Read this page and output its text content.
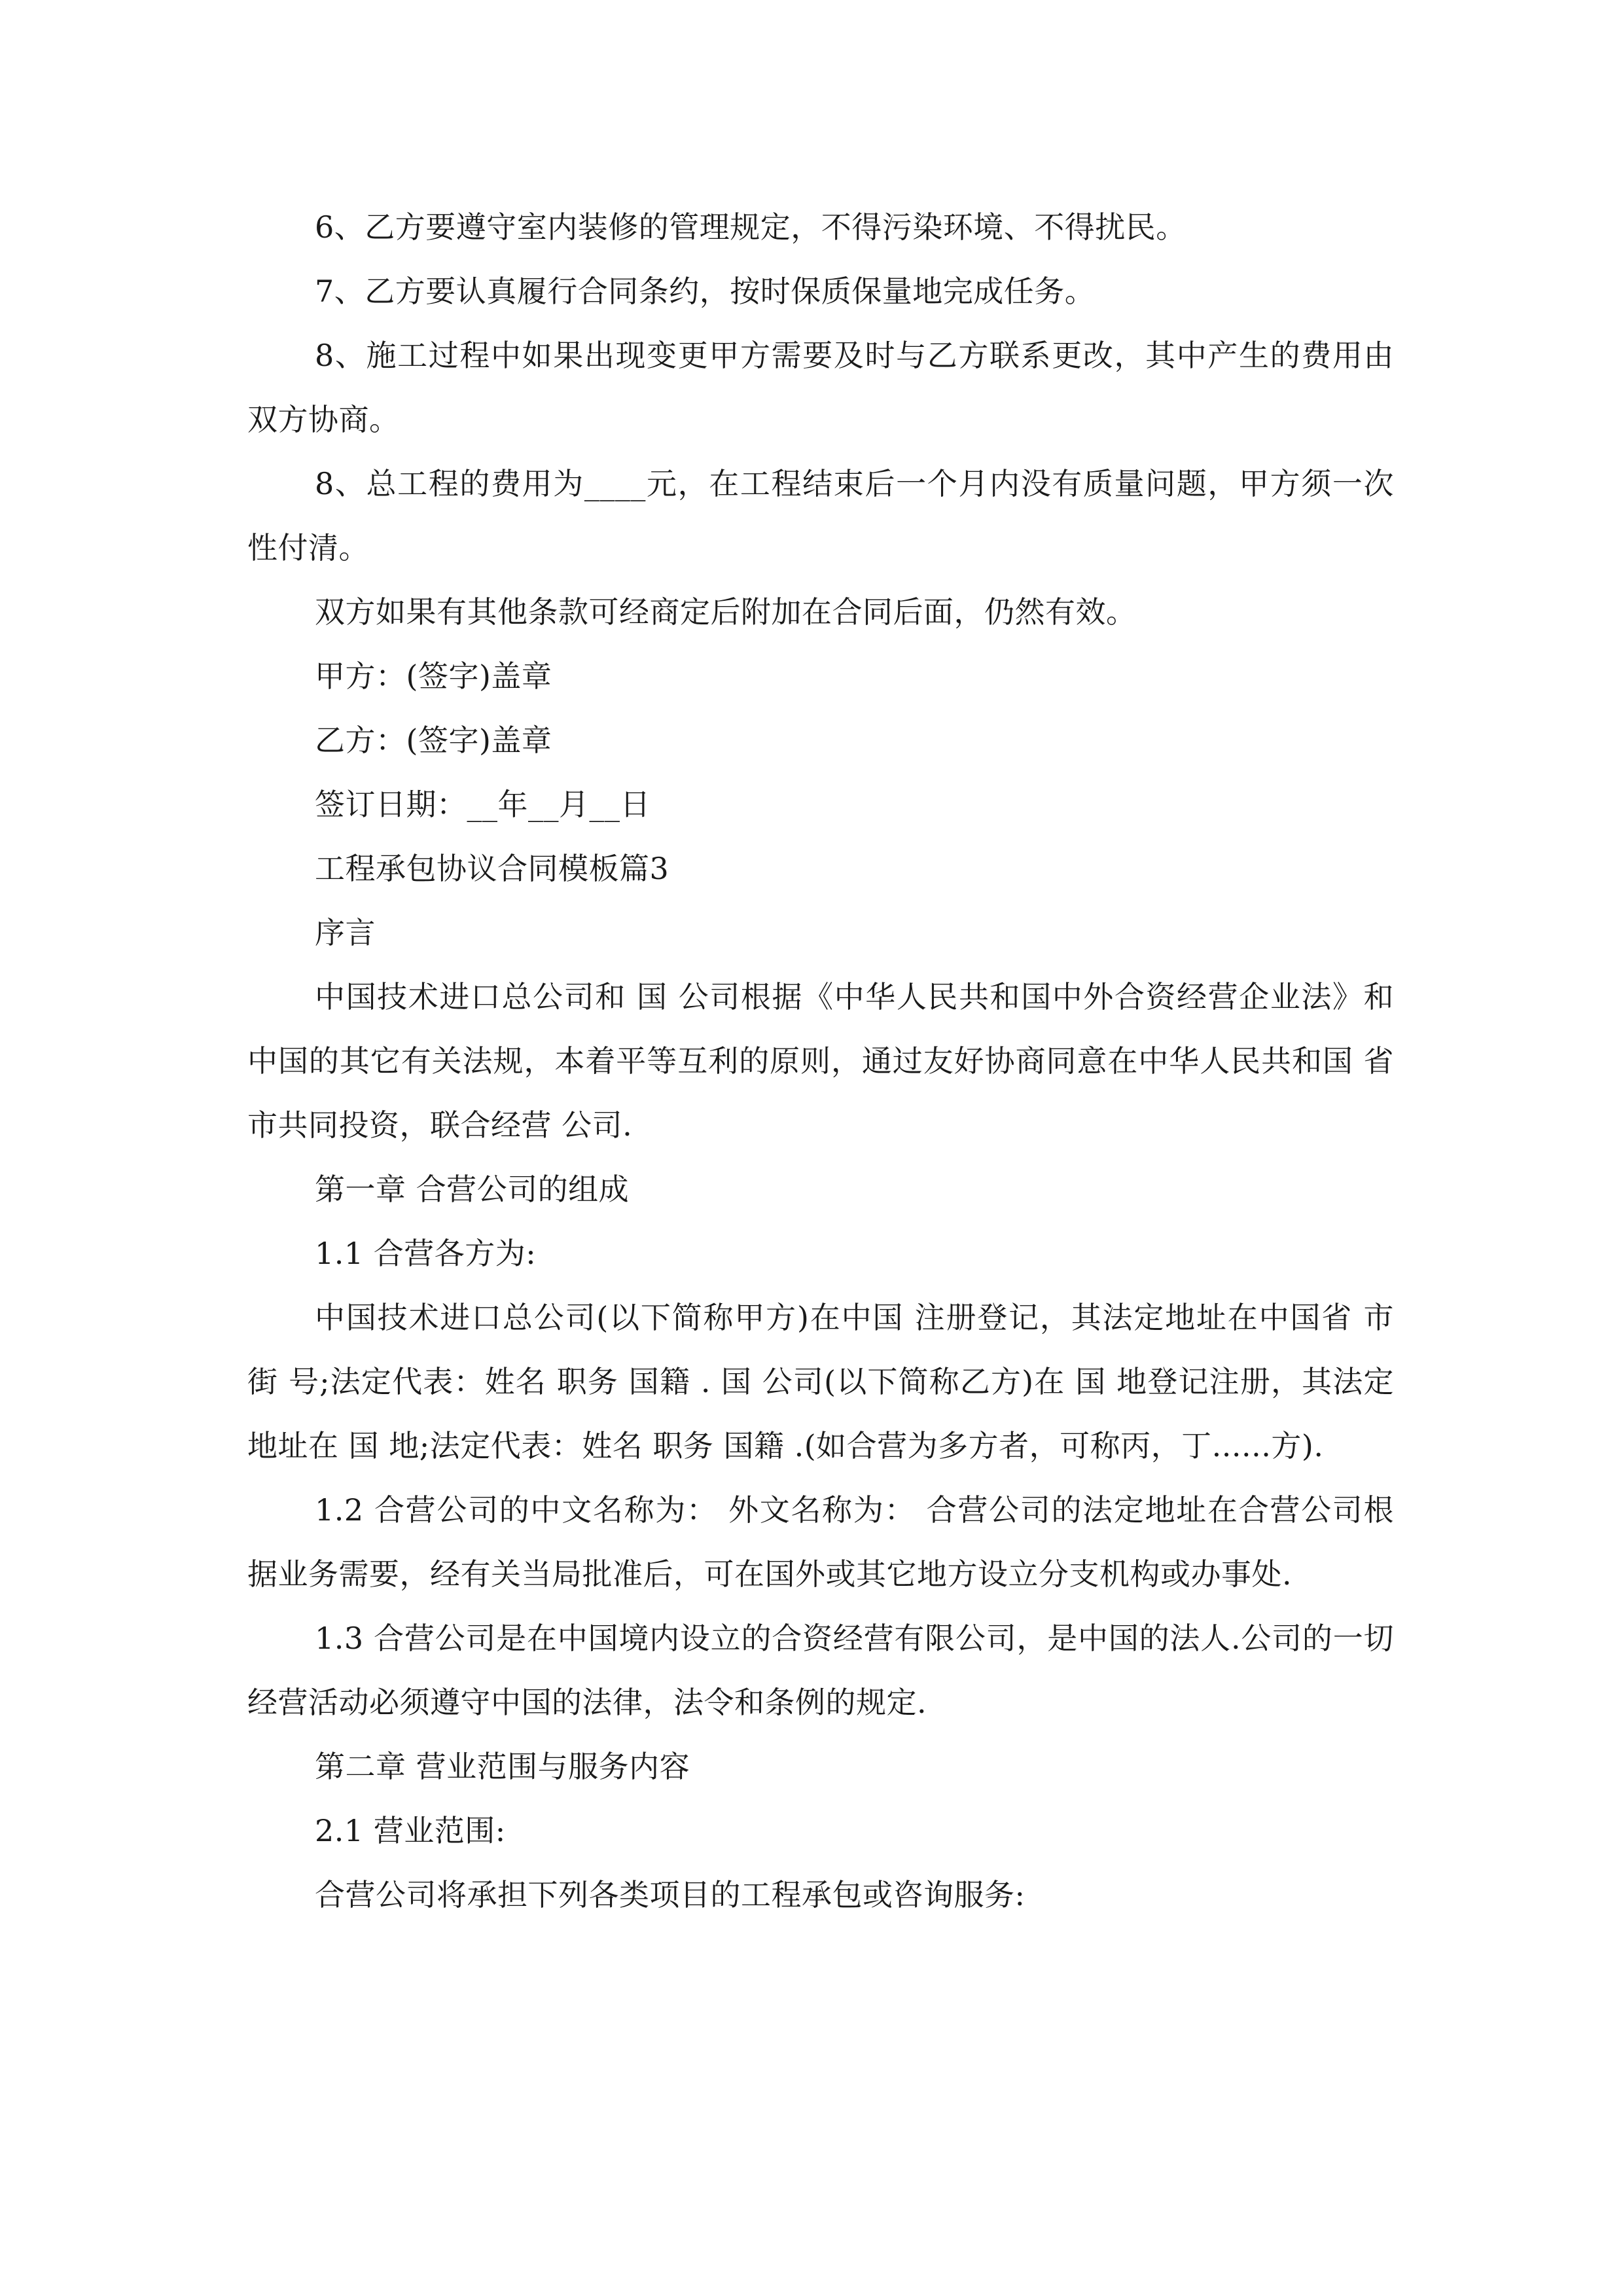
6、乙方要遵守室内装修的管理规定，不得污染环境、不得扰民。

7、乙方要认真履行合同条约，按时保质保量地完成任务。

8、施工过程中如果出现变更甲方需要及时与乙方联系更改，其中产生的费用由双方协商。

8、总工程的费用为____元，在工程结束后一个月内没有质量问题，甲方须一次性付清。

双方如果有其他条款可经商定后附加在合同后面，仍然有效。

甲方：(签字)盖章

乙方：(签字)盖章

签订日期：__年__月__日

工程承包协议合同模板篇3

序言

中国技术进口总公司和 国 公司根据《中华人民共和国中外合资经营企业法》和中国的其它有关法规，本着平等互利的原则，通过友好协商同意在中华人民共和国 省 市共同投资，联合经营 公司.

第一章 合营公司的组成

1.1 合营各方为:

中国技术进口总公司(以下简称甲方)在中国 注册登记，其法定地址在中国省 市 街 号;法定代表：姓名 职务 国籍 . 国 公司(以下简称乙方)在 国 地登记注册，其法定地址在 国 地;法定代表：姓名 职务 国籍 .(如合营为多方者，可称丙，丁......方).

1.2 合营公司的中文名称为： 外文名称为： 合营公司的法定地址在合营公司根据业务需要，经有关当局批准后，可在国外或其它地方设立分支机构或办事处.

1.3 合营公司是在中国境内设立的合资经营有限公司，是中国的法人.公司的一切经营活动必须遵守中国的法律，法令和条例的规定.

第二章 营业范围与服务内容

2.1 营业范围:

合营公司将承担下列各类项目的工程承包或咨询服务:
